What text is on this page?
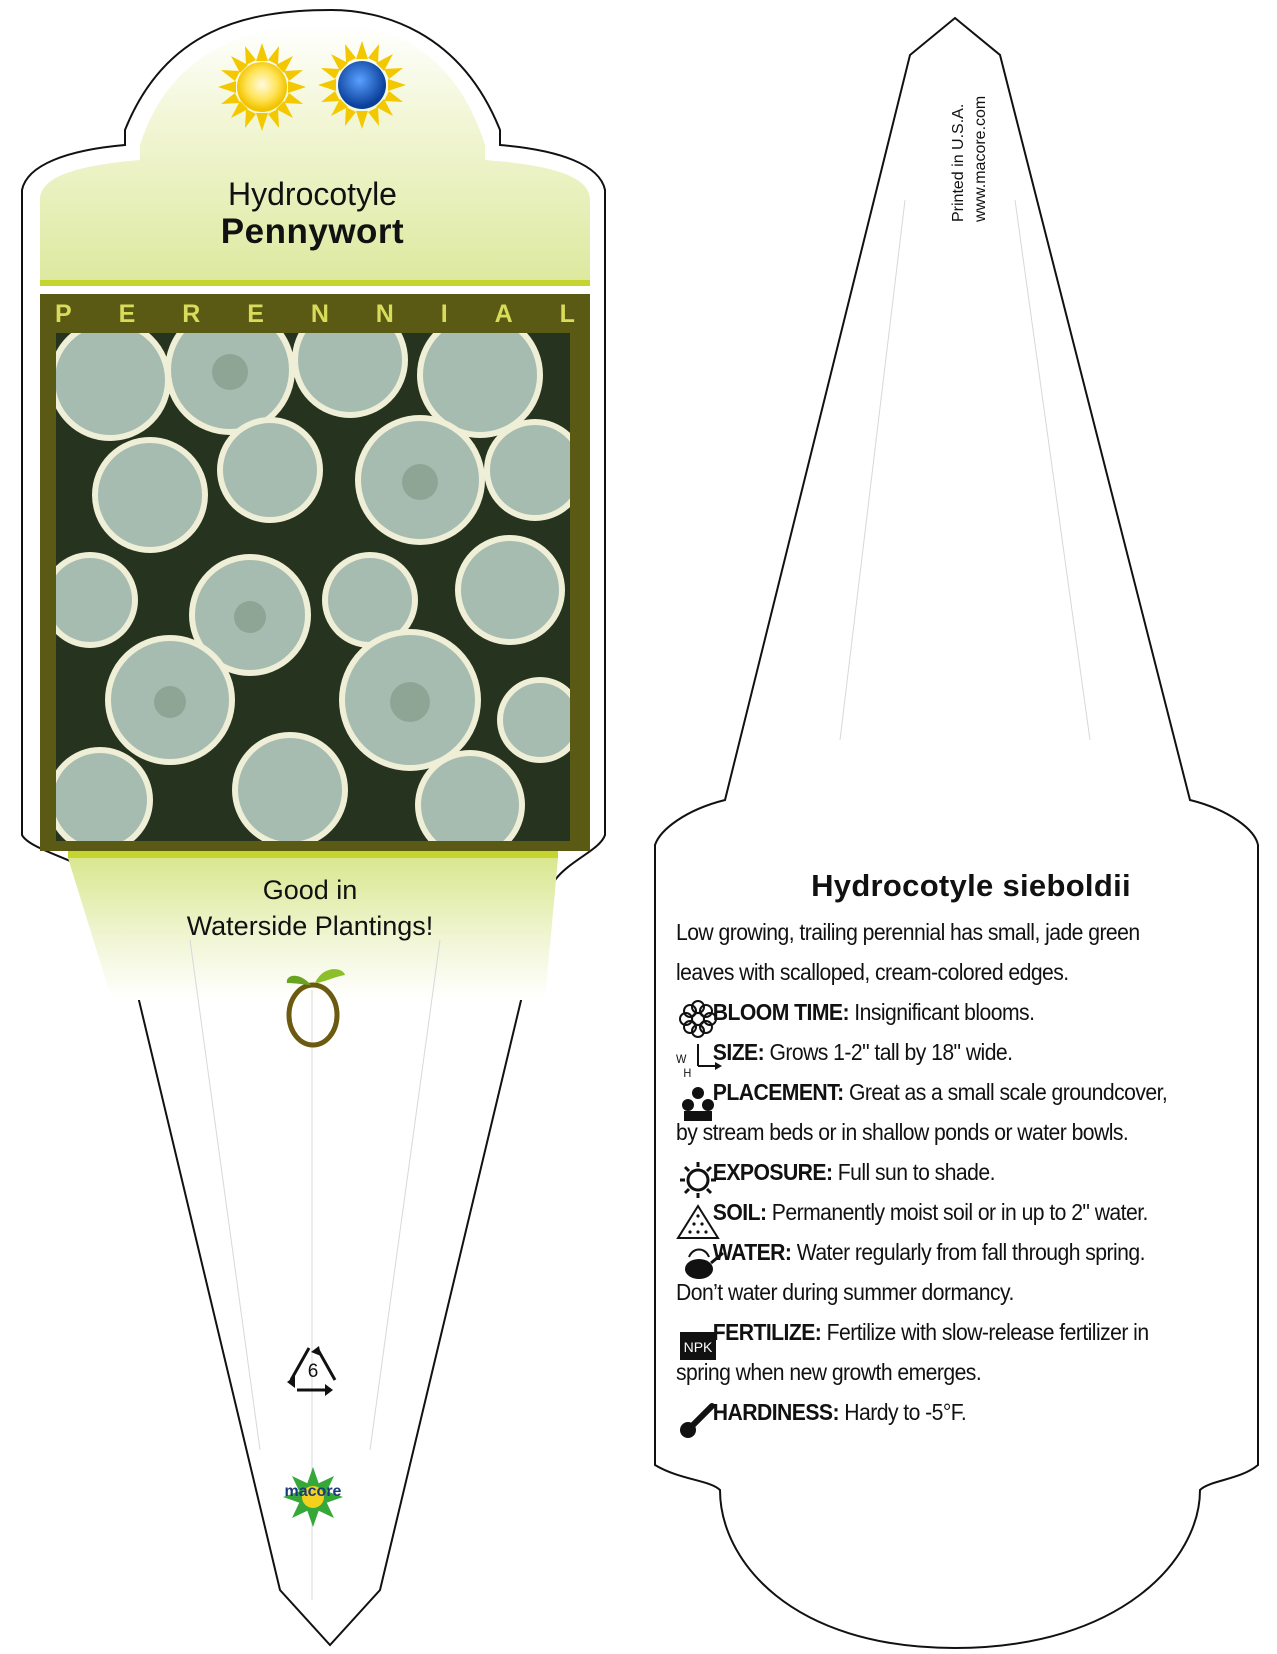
NPK
Hydrocotyle
Pennywort
P E R E N N I A L
Good in
Waterside Plantings!
6
macore
Printed in U.S.A. www.macore.com
Hydrocotyle sieboldii

Low growing, trailing perennial has small, jade green
leaves with scalloped, cream-colored edges.
BLOOM TIME: Insignificant blooms.
W
H
SIZE: Grows 1-2" tall by 18" wide.
PLACEMENT: Great as a small scale groundcover,
by stream beds or in shallow ponds or water bowls.
EXPOSURE: Full sun to shade.
SOIL: Permanently moist soil or in up to 2" water.
WATER: Water regularly from fall through spring.
Don’t water during summer dormancy.
FERTILIZE: Fertilize with slow-release fertilizer in
spring when new growth emerges.
HARDINESS: Hardy to -5°F.
